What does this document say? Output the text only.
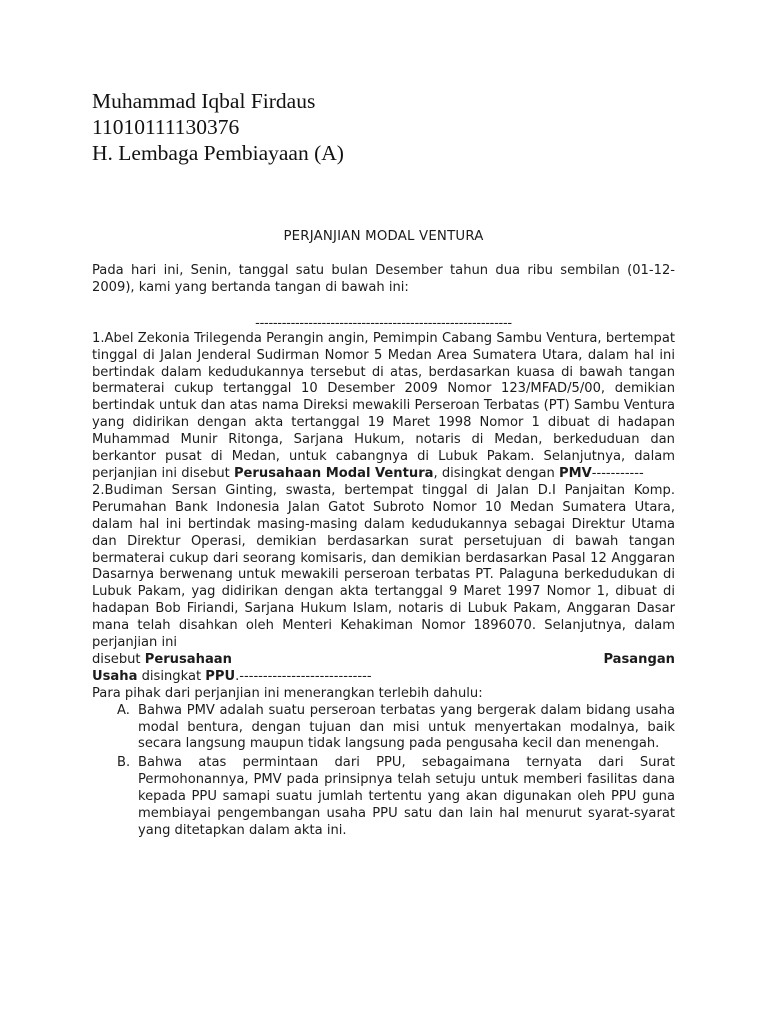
Muhammad Iqbal Firdaus
11010111130376
H. Lembaga Pembiayaan (A)
PERJANJIAN MODAL VENTURA

Pada hari ini, Senin, tanggal satu bulan Desember tahun dua ribu sembilan (01-12-2009), kami yang bertanda tangan di bawah ini:

----------------------------------------------------------

1.Abel Zekonia Trilegenda Perangin angin, Pemimpin Cabang Sambu Ventura, bertempat tinggal di Jalan Jenderal Sudirman Nomor 5 Medan Area Sumatera Utara, dalam hal ini bertindak dalam kedudukannya tersebut di atas, berdasarkan kuasa di bawah tangan bermaterai cukup tertanggal 10 Desember 2009 Nomor 123/MFAD/5/00, demikian bertindak untuk dan atas nama Direksi mewakili Perseroan Terbatas (PT) Sambu Ventura yang didirikan dengan akta tertanggal 19 Maret 1998 Nomor 1 dibuat di hadapan Muhammad Munir Ritonga, Sarjana Hukum, notaris di Medan, berkeduduan dan berkantor pusat di Medan, untuk cabangnya di Lubuk Pakam. Selanjutnya, dalam perjanjian ini disebut Perusahaan Modal Ventura, disingkat dengan PMV-----------

2.Budiman Sersan Ginting, swasta, bertempat tinggal di Jalan D.I Panjaitan Komp. Perumahan Bank Indonesia Jalan Gatot Subroto Nomor 10 Medan Sumatera Utara, dalam hal ini bertindak masing-masing dalam kedudukannya sebagai Direktur Utama dan Direktur Operasi, demikian berdasarkan surat persetujuan di bawah tangan bermaterai cukup dari seorang komisaris, dan demikian berdasarkan Pasal 12 Anggaran Dasarnya berwenang untuk mewakili perseroan terbatas PT. Palaguna berkedudukan di Lubuk Pakam, yag didirikan dengan akta tertanggal 9 Maret 1997 Nomor 1, dibuat di hadapan Bob Firiandi, Sarjana Hukum Islam, notaris di Lubuk Pakam, Anggaran Dasar mana telah disahkan oleh Menteri Kehakiman Nomor 1896070. Selanjutnya, dalam perjanjian ini

disebut Perusahaan	Pasangan

Usaha disingkat PPU.----------------------------

Para pihak dari perjanjian ini menerangkan terlebih dahulu:

A. Bahwa PMV adalah suatu perseroan terbatas yang bergerak dalam bidang usaha modal bentura, dengan tujuan dan misi untuk menyertakan modalnya, baik secara langsung maupun tidak langsung pada pengusaha kecil dan menengah.
B. Bahwa atas permintaan dari PPU, sebagaimana ternyata dari Surat Permohonannya, PMV pada prinsipnya telah setuju untuk memberi fasilitas dana kepada PPU samapi suatu jumlah tertentu yang akan digunakan oleh PPU guna membiayai pengembangan usaha PPU satu dan lain hal menurut syarat-syarat yang ditetapkan dalam akta ini.
